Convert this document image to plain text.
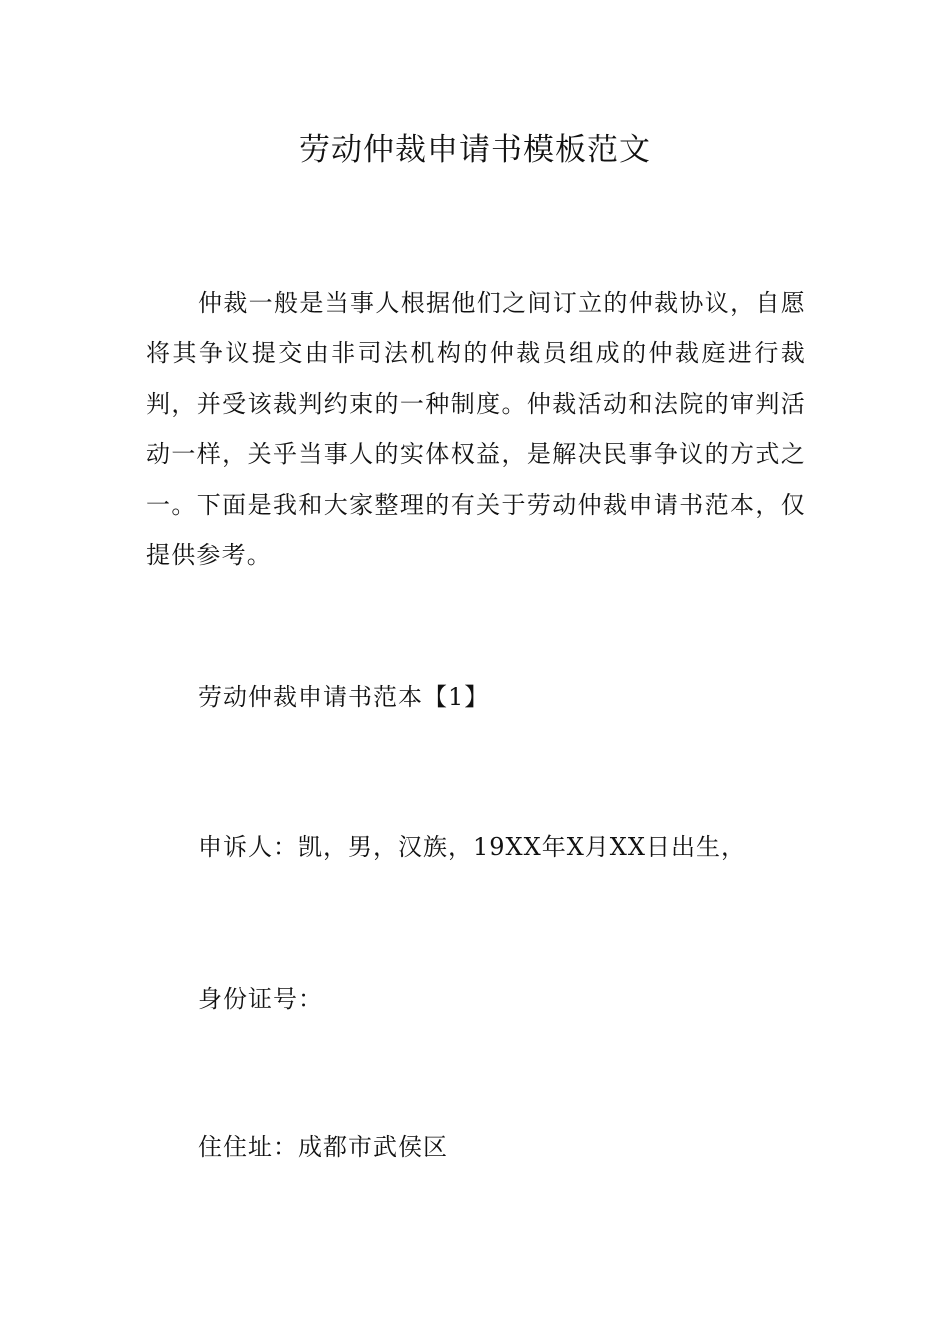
劳动仲裁申请书模板范文

仲裁一般是当事人根据他们之间订立的仲裁协议，自愿将其争议提交由非司法机构的仲裁员组成的仲裁庭进行裁判，并受该裁判约束的一种制度。仲裁活动和法院的审判活动一样，关乎当事人的实体权益，是解决民事争议的方式之一。下面是我和大家整理的有关于劳动仲裁申请书范本，仅提供参考。

劳动仲裁申请书范本【1】

申诉人：凯，男，汉族，19XX年X月XX日出生，

身份证号：

住住址：成都市武侯区
